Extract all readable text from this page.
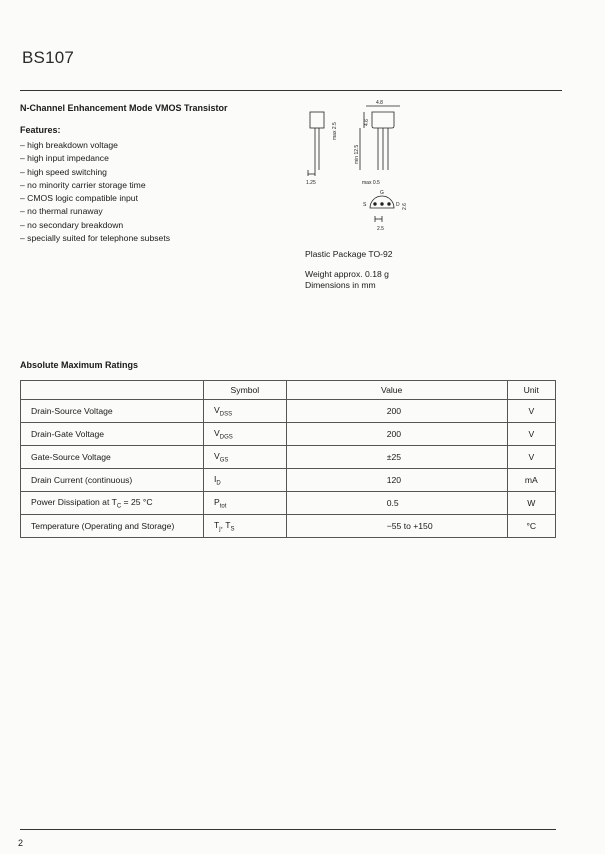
BS107
N-Channel Enhancement Mode VMOS Transistor
Features:
– high breakdown voltage
– high input impedance
– high speed switching
– no minority carrier storage time
– CMOS logic compatible input
– no thermal runaway
– no secondary breakdown
– specially suited for telephone subsets
1.25
max 2.5
4.8
4.6
min 12.5
max 0.5
G
S	D 2.6
2.5
Plastic Package TO-92
Weight approx. 0.18 g
Dimensions in mm
Absolute Maximum Ratings
	Symbol	Value	Unit
Drain-Source Voltage	$V_{DSS}$	200	V
Drain-Gate Voltage	$V_{DGS}$	200	V
Gate-Source Voltage	$V_{GS}$	±25	V
Drain Current (continuous)	$I_D$	120	mA
Power Dissipation at $T_C = 25$ °C	$P_{tot}$	0.5	W
Temperature (Operating and Storage)	$T_j$, $T_S$	−55 to +150	°C
2
